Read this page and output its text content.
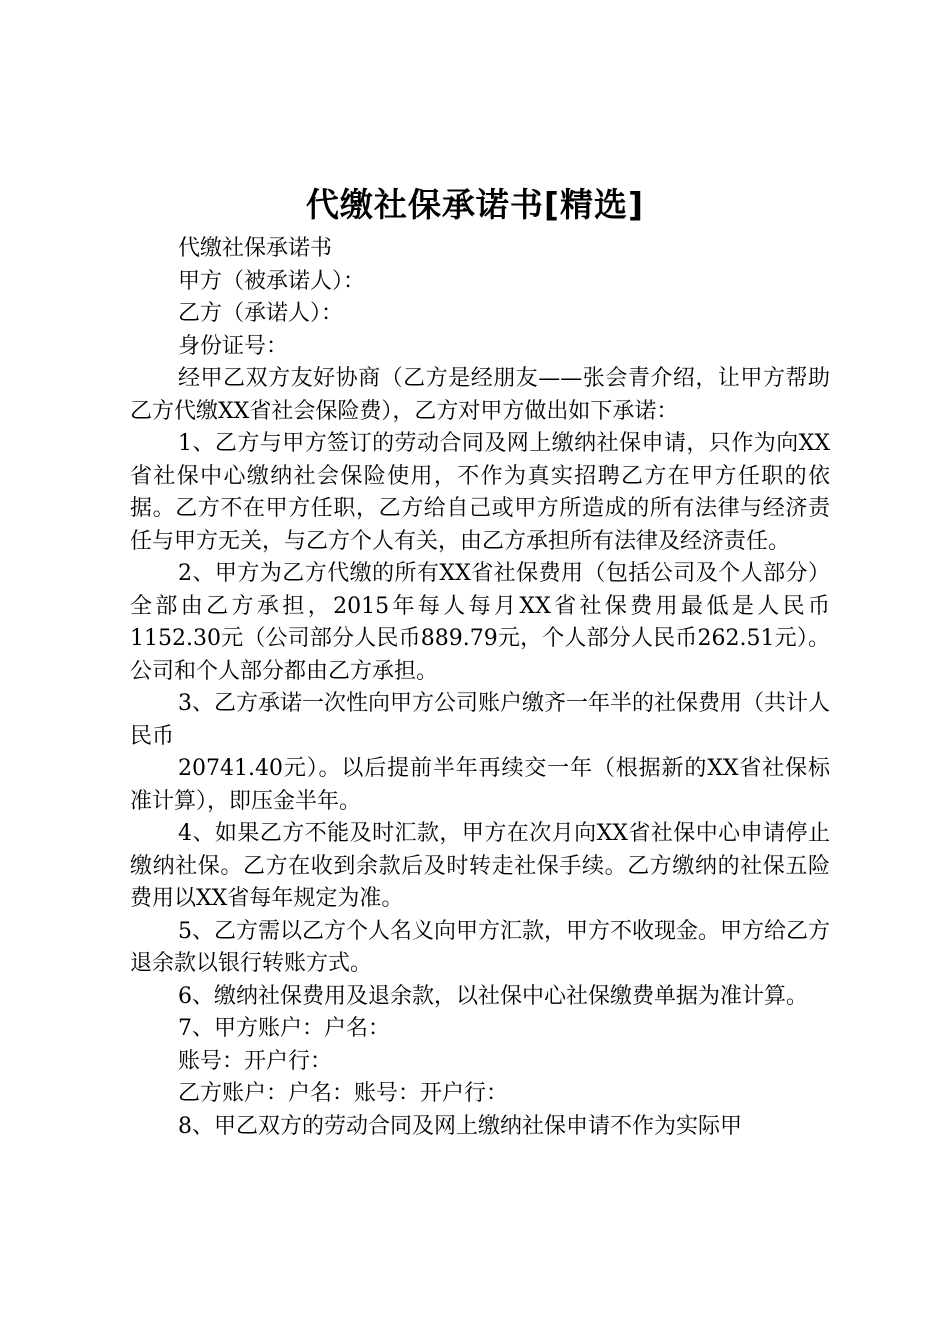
代缴社保承诺书[精选]

代缴社保承诺书

甲方（被承诺人）：

乙方（承诺人）：

身份证号：

经甲乙双方友好协商（乙方是经朋友——张会青介绍，让甲方帮助乙方代缴XX省社会保险费），乙方对甲方做出如下承诺：

1、乙方与甲方签订的劳动合同及网上缴纳社保申请，只作为向XX省社保中心缴纳社会保险使用，不作为真实招聘乙方在甲方任职的依据。乙方不在甲方任职，乙方给自己或甲方所造成的所有法律与经济责任与甲方无关，与乙方个人有关，由乙方承担所有法律及经济责任。

2、甲方为乙方代缴的所有XX省社保费用（包括公司及个人部分）全部由乙方承担，2015年每人每月XX省社保费用最低是人民币1152.30元（公司部分人民币889.79元，个人部分人民币262.51元）。公司和个人部分都由乙方承担。

3、乙方承诺一次性向甲方公司账户缴齐一年半的社保费用（共计人民币

20741.40元）。以后提前半年再续交一年（根据新的XX省社保标准计算），即压金半年。

4、如果乙方不能及时汇款，甲方在次月向XX省社保中心申请停止缴纳社保。乙方在收到余款后及时转走社保手续。乙方缴纳的社保五险费用以XX省每年规定为准。

5、乙方需以乙方个人名义向甲方汇款，甲方不收现金。甲方给乙方退余款以银行转账方式。

6、缴纳社保费用及退余款，以社保中心社保缴费单据为准计算。

7、甲方账户：户名：

账号：开户行：

乙方账户：户名：账号：开户行：

8、甲乙双方的劳动合同及网上缴纳社保申请不作为实际甲
